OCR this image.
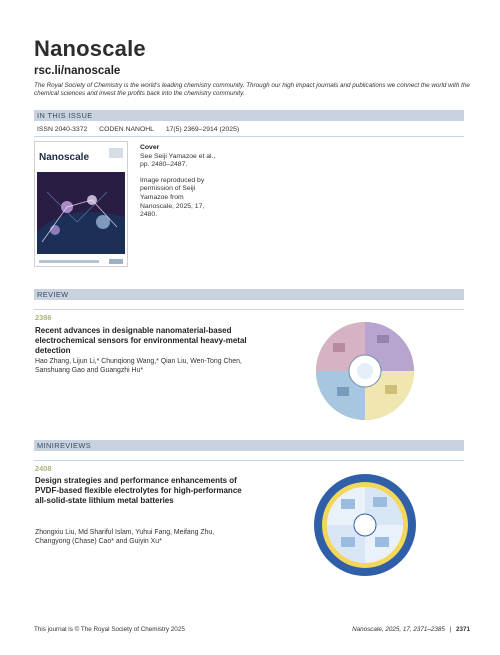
Nanoscale
rsc.li/nanoscale
The Royal Society of Chemistry is the world’s leading chemistry community. Through our high impact journals and publications we connect the world with the chemical sciences and invest the profits back into the chemistry community.
IN THIS ISSUE
ISSN 2040-3372 CODEN NANOHL 17(5) 2369–2914 (2025)
Nanoscale
Cover
See Seiji Yamazoe et al.,
pp. 2480–2487.
Image reproduced by permission of Seiji Yamazoe from Nanoscale, 2025, 17, 2480.
REVIEW
2386
Recent advances in designable nanomaterial-based electrochemical sensors for environmental heavy-metal detection
Hao Zhang, Lijun Li,* Chunqiong Wang,* Qian Liu, Wen-Tong Chen, Sanshuang Gao and Guangzhi Hu*
MINIREVIEWS
2408
Design strategies and performance enhancements of PVDF-based flexible electrolytes for high-performance all-solid-state lithium metal batteries
Zhongxiu Liu, Md Shariful Islam, Yuhui Fang, Meifang Zhu, Changyong (Chase) Cao* and Guiyin Xu*
This journal is © The Royal Society of Chemistry 2025	Nanoscale, 2025, 17, 2371–2385 | 2371
